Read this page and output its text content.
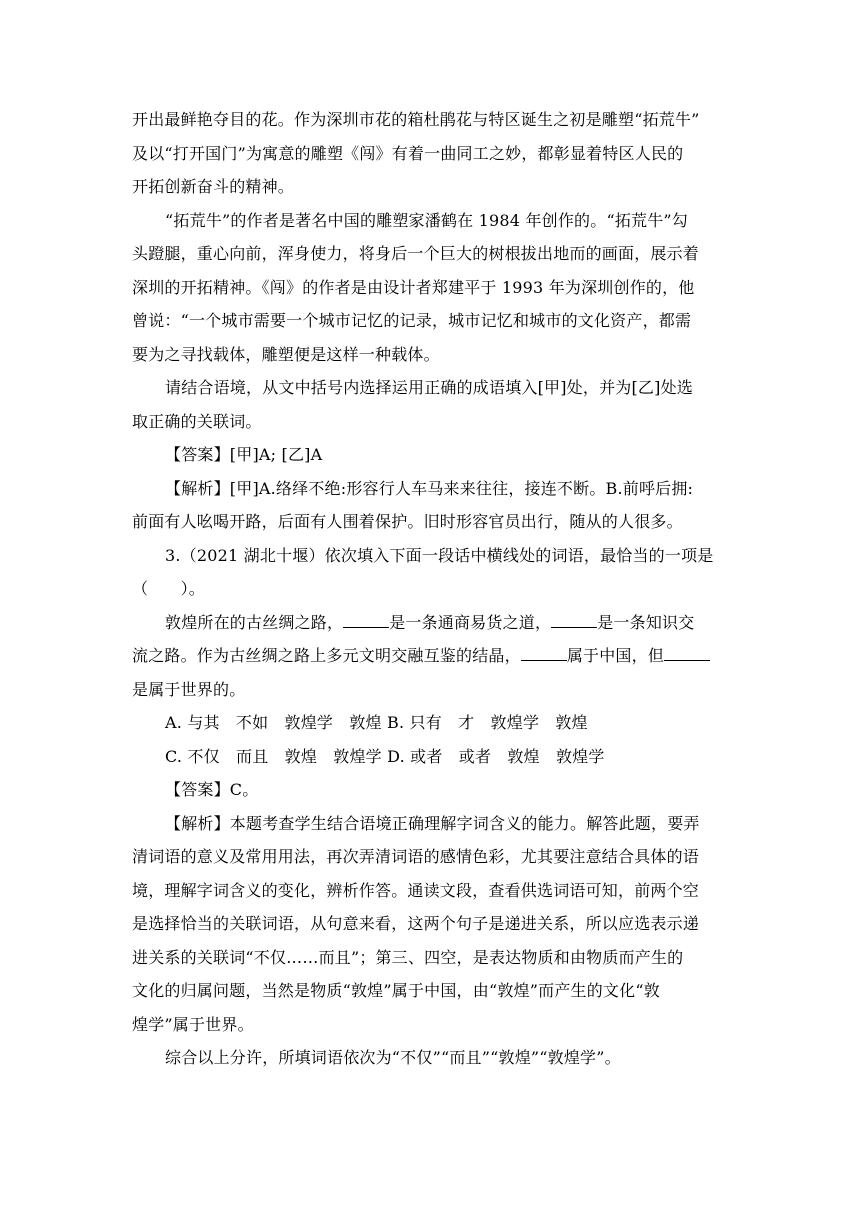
开出最鲜艳夺目的花。作为深圳市花的箱杜鹃花与特区诞生之初是雕塑“拓荒牛”
及以“打开国门”为寓意的雕塑《闯》有着一曲同工之妙，都彰显着特区人民的
开拓创新奋斗的精神。
“拓荒牛”的作者是著名中国的雕塑家潘鹤在 1984 年创作的。“拓荒牛”勾
头蹬腿，重心向前，浑身使力，将身后一个巨大的树根拔出地而的画面，展示着
深圳的开拓精神。《闯》的作者是由设计者郑建平于 1993 年为深圳创作的，他
曾说：“一个城市需要一个城市记忆的记录，城市记忆和城市的文化资产，都需
要为之寻找载体，雕塑便是这样一种载体。
请结合语境，从文中括号内选择运用正确的成语填入[甲]处，并为[乙]处选
取正确的关联词。
【答案】[甲]A; [乙]A
【解析】[甲]A.络绎不绝:形容行人车马来来往往，接连不断。B.前呼后拥:
前面有人吆喝开路，后面有人围着保护。旧时形容官员出行，随从的人很多。
3.（2021 湖北十堰）依次填入下面一段话中横线处的词语，最恰当的一项是
（　　）。
敦煌所在的古丝绸之路，	是一条通商易货之道，	是一条知识交
流之路。作为古丝绸之路上多元文明交融互鉴的结晶，	属于中国，但
是属于世界的。
A. 与其　不如　敦煌学　敦煌 B. 只有　才　敦煌学　敦煌
C. 不仅　而且　敦煌　敦煌学 D. 或者　或者　敦煌　敦煌学
【答案】C。
【解析】本题考查学生结合语境正确理解字词含义的能力。解答此题，要弄
清词语的意义及常用用法，再次弄清词语的感情色彩，尤其要注意结合具体的语
境，理解字词含义的变化，辨析作答。通读文段，查看供选词语可知，前两个空
是选择恰当的关联词语，从句意来看，这两个句子是递进关系，所以应选表示递
进关系的关联词“不仅……而且”；第三、四空，是表达物质和由物质而产生的
文化的归属问题，当然是物质“敦煌”属于中国，由“敦煌”而产生的文化“敦
煌学”属于世界。
综合以上分许，所填词语依次为“不仅”“而且”“敦煌”“敦煌学”。
